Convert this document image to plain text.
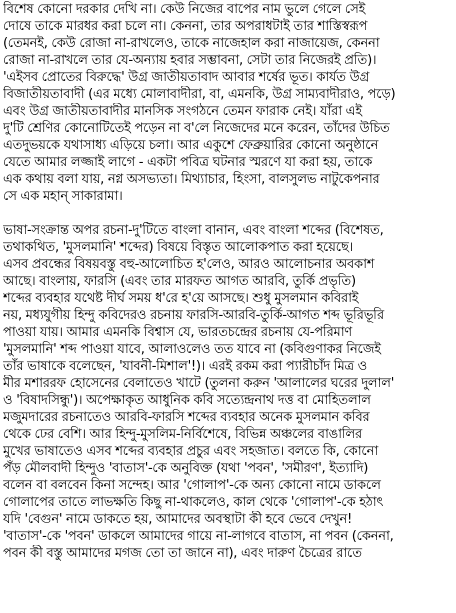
বিশেষ কোনো দরকার দেখি না। কেউ নিজের বাপের নাম ভুলে গেলে সেই
দোষে তাকে মারধর করা চলে না। কেননা, তার অপরাধটাই তার শাস্তিস্বরূপ
(তেমনই, কেউ রোজা না-রাখলেও, তাকে নাজেহাল করা নাজায়েজ, কেননা
রোজা না-রাখলে তার যে-অন্যায় হবার সম্ভাবনা, সেটা তার নিজেরই প্রতি)।
'এইসব প্রোতের বিরুদ্ধে' উগ্র জাতীয়তাবাদ আবার শর্ষের ভূত। কার্যত উগ্র
বিজাতীয়তাবাদী (এর মধ্যে মোলাবাদীরা, বা, এমনকি, উগ্র সাম্যবাদীরাও, পড়ে)
এবং উগ্র জাতীয়তাবাদীর মানসিক সংগঠনে তেমন ফারাক নেই। যাঁরা এই
দু'টি শ্রেণির কোনোটিতেই পড়েন না ব'লে নিজেদের মনে করেন, তাঁদের উচিত
এতদুভয়কে যথাসাধ্য এড়িয়ে চলা। আর একুশে ফেব্রুয়ারির কোনো অনুষ্ঠানে
যেতে আমার লজ্জাই লাগে - একটা পবিত্র ঘটনার স্মরণে যা করা হয়, তাকে
এক কথায় বলা যায়, নগ্ন অসভ্যতা। মিথ্যাচার, হিংসা, বালসুলভ নাটুকেপনার
সে এক মহান্ সাকারামা।
ভাষা-সংক্রান্ত অপর রচনা-দু'টিতে বাংলা বানান, এবং বাংলা শব্দের (বিশেষত,
তথাকথিত, 'মুসলমানি' শব্দের) বিষয়ে বিস্তৃত আলোকপাত করা হয়েছে।
এসব প্রবন্ধের বিষয়বস্তু বহু-আলোচিত হ'লেও, আরও আলোচনার অবকাশ
আছে। বাংলায়, ফারসি (এবং তার মারফত আগত আরবি, তুর্কি প্রভৃতি)
শব্দের ব্যবহার যথেষ্ট দীর্ঘ সময় ধ'রে হ'য়ে আসছে। শুধু মুসলমান কবিরাই
নয়, মধ্যযুগীয় হিন্দু কবিদেরও রচনায় ফারসি-আরবি-তুর্কি-আগত শব্দ ভূরিভূরি
পাওয়া যায়। আমার এমনকি বিশ্বাস যে, ভারতচন্দ্রের রচনায় যে-পরিমাণ
'মুসলমানি' শব্দ পাওয়া যাবে, আলাওলেও তত যাবে না (কবিগুণাকর নিজেই
তাঁর ভাষাকে বলেছেন, 'যাবনী-মিশাল'!)। এরই রকম করা প্যারীচাঁদ মিত্র ও
মীর মশাররফ হোসেনের বেলাতেও খাটে (তুলনা করুন 'আলালের ঘরের দুলাল'
ও 'বিষাদসিন্ধু')। অপেক্ষাকৃত আধুনিক কবি সত্যেন্দ্রনাথ দত্ত বা মোহিতলাল
মজুমদারের রচনাতেও আরবি-ফারসি শব্দের ব্যবহার অনেক মুসলমান কবির
থেকে ঢের বেশি। আর হিন্দু-মুসলিম-নির্বিশেষে, বিভিন্ন অঞ্চলের বাঙালির
মুখের ভাষাতেও এসব শব্দের ব্যবহার প্রচুর এবং সহজাত। বলতে কি, কোনো
পঁড় মৌলবাদী হিন্দুও 'বাতাস'-কে অনুবিক্ত (যথা 'পবন', 'সমীরণ', ইত্যাদি)
বলেন বা বলবেন কিনা সন্দেহ। আর 'গোলাপ'-কে অন্য কোনো নামে ডাকলে
গোলাপের তাতে লাভক্ষতি কিছু না-থাকলেও, কাল থেকে 'গোলাপ'-কে হঠাৎ
যদি 'বেগুন' নামে ডাকতে হয়, আমাদের অবস্থাটা কী হবে ভেবে দেখুন!
'বাতাস'-কে 'পবন' ডাকলে আমাদের গায়ে না-লাগবে বাতাস, না পবন (কেননা,
পবন কী বস্তু আমাদের মগজ তো তা জানে না), এবং দারুণ চৈত্রের রাতে
